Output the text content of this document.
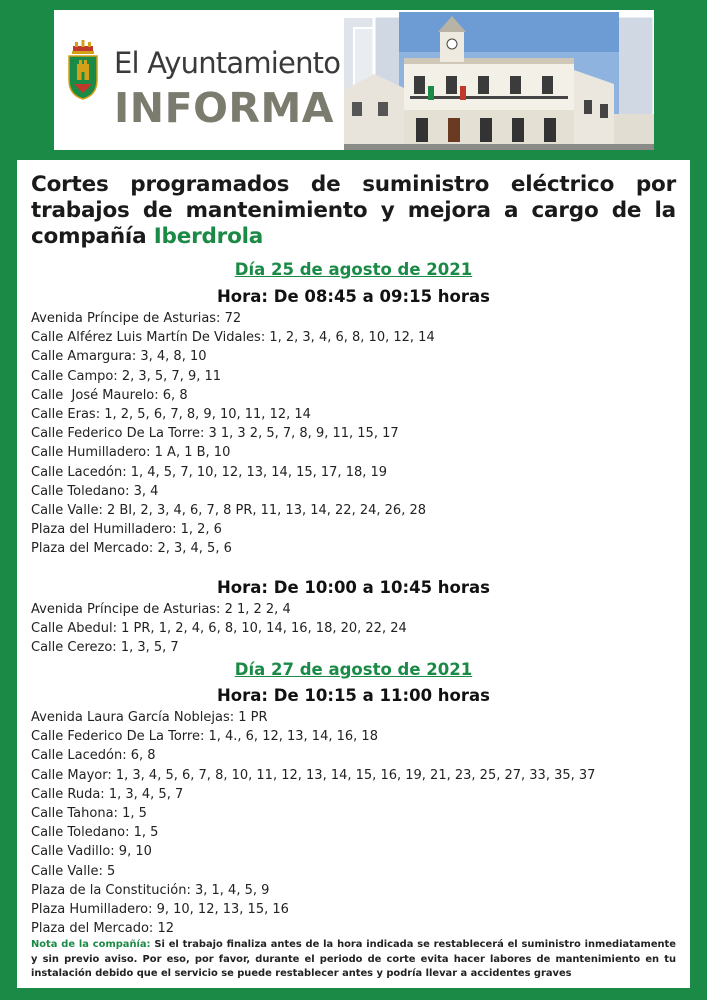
El Ayuntamiento
INFORMA
Cortes programados de suministro eléctrico por trabajos de mantenimiento y mejora a cargo de la compañía Iberdrola
Día 25 de agosto de 2021
Hora: De 08:45 a 09:15 horas
Avenida Príncipe de Asturias: 72
Calle Alférez Luis Martín De Vidales: 1, 2, 3, 4, 6, 8, 10, 12, 14
Calle Amargura: 3, 4, 8, 10
Calle Campo: 2, 3, 5, 7, 9, 11
Calle  José Maurelo: 6, 8
Calle Eras: 1, 2, 5, 6, 7, 8, 9, 10, 11, 12, 14
Calle Federico De La Torre: 3 1, 3 2, 5, 7, 8, 9, 11, 15, 17
Calle Humilladero: 1 A, 1 B, 10
Calle Lacedón: 1, 4, 5, 7, 10, 12, 13, 14, 15, 17, 18, 19
Calle Toledano: 3, 4
Calle Valle: 2 BI, 2, 3, 4, 6, 7, 8 PR, 11, 13, 14, 22, 24, 26, 28
Plaza del Humilladero: 1, 2, 6
Plaza del Mercado: 2, 3, 4, 5, 6
Hora: De 10:00 a 10:45 horas
Avenida Príncipe de Asturias: 2 1, 2 2, 4
Calle Abedul: 1 PR, 1, 2, 4, 6, 8, 10, 14, 16, 18, 20, 22, 24
Calle Cerezo: 1, 3, 5, 7
Día 27 de agosto de 2021
Hora: De 10:15 a 11:00 horas
Avenida Laura García Noblejas: 1 PR
Calle Federico De La Torre: 1, 4., 6, 12, 13, 14, 16, 18
Calle Lacedón: 6, 8
Calle Mayor: 1, 3, 4, 5, 6, 7, 8, 10, 11, 12, 13, 14, 15, 16, 19, 21, 23, 25, 27, 33, 35, 37
Calle Ruda: 1, 3, 4, 5, 7
Calle Tahona: 1, 5
Calle Toledano: 1, 5
Calle Vadillo: 9, 10
Calle Valle: 5
Plaza de la Constitución: 3, 1, 4, 5, 9
Plaza Humilladero: 9, 10, 12, 13, 15, 16
Plaza del Mercado: 12
Nota de la compañía: Si el trabajo finaliza antes de la hora indicada se restablecerá el suministro inmediatamente y sin previo aviso. Por eso, por favor, durante el periodo de corte evita hacer labores de mantenimiento en tu instalación debido que el servicio se puede restablecer antes y podría llevar a accidentes graves
